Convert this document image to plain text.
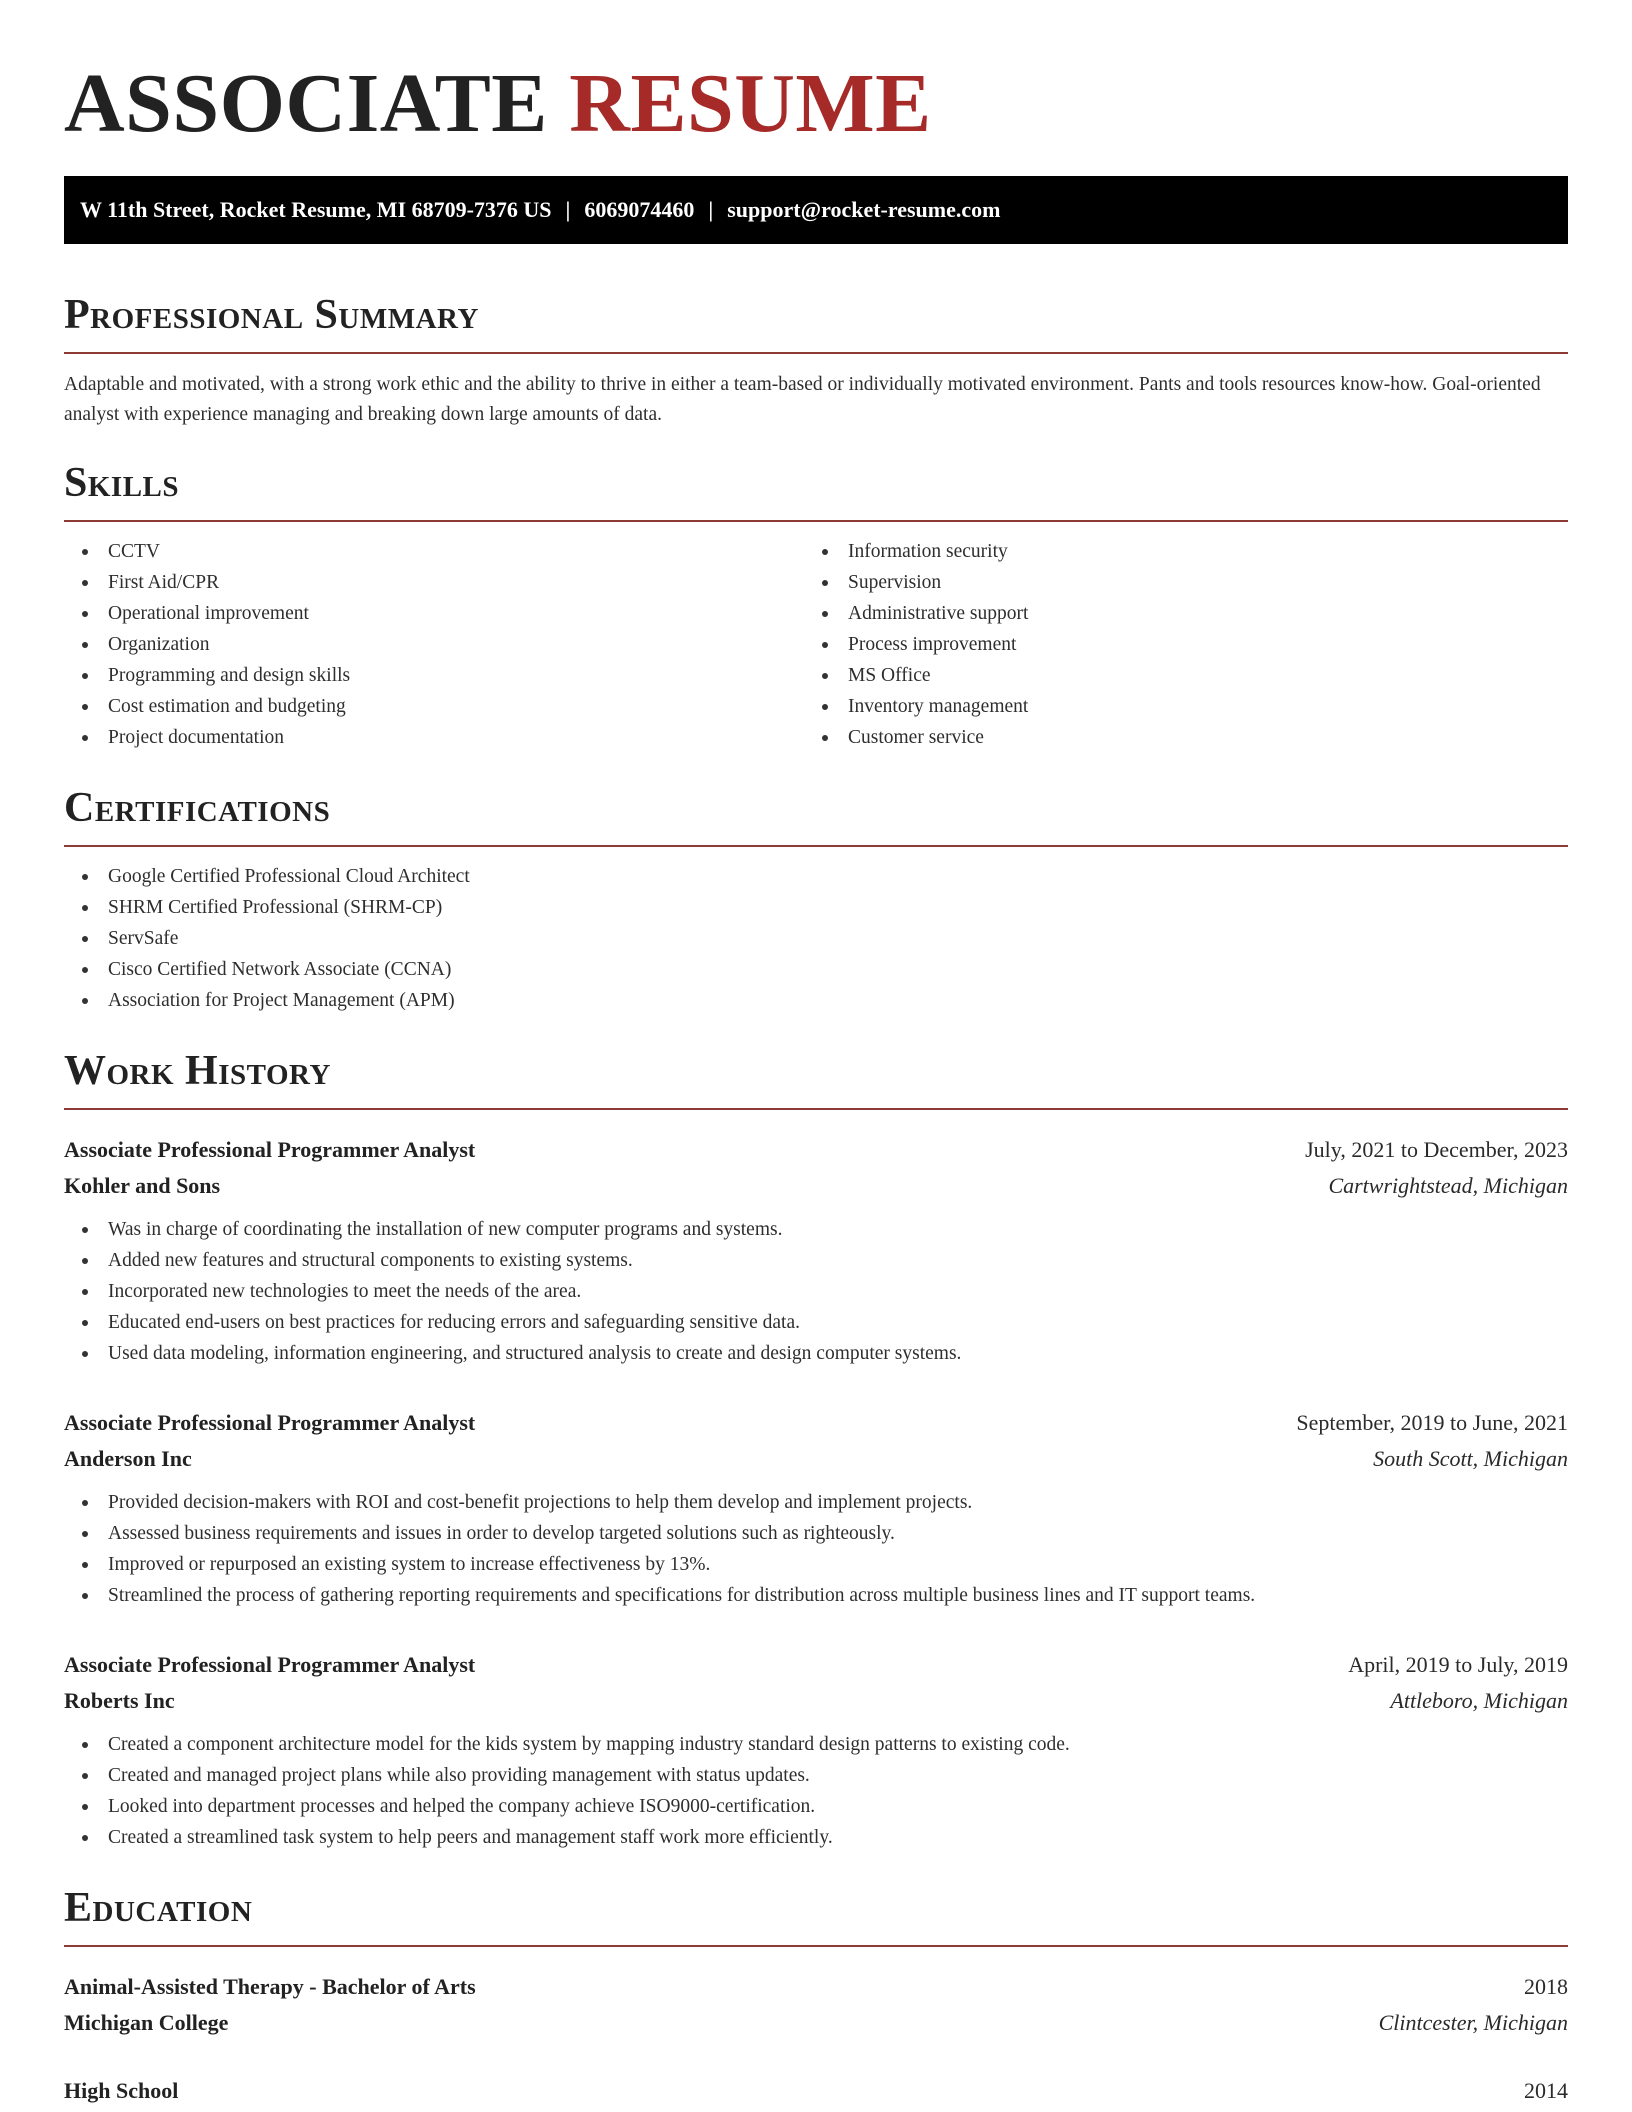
ASSOCIATE RESUME
W 11th Street, Rocket Resume, MI 68709-7376 US | 6069074460 | support@rocket-resume.com
Professional Summary

Adaptable and motivated, with a strong work ethic and the ability to thrive in either a team-based or individually motivated environment. Pants and tools resources know-how. Goal-oriented analyst with experience managing and breaking down large amounts of data.

Skills
CCTV
First Aid/CPR
Operational improvement
Organization
Programming and design skills
Cost estimation and budgeting
Project documentation
Information security
Supervision
Administrative support
Process improvement
MS Office
Inventory management
Customer service
Certifications
Google Certified Professional Cloud Architect
SHRM Certified Professional (SHRM-CP)
ServSafe
Cisco Certified Network Associate (CCNA)
Association for Project Management (APM)
Work History
Associate Professional Programmer Analyst	July, 2021 to December, 2023
Kohler and Sons	Cartwrightstead, Michigan
Was in charge of coordinating the installation of new computer programs and systems.
Added new features and structural components to existing systems.
Incorporated new technologies to meet the needs of the area.
Educated end-users on best practices for reducing errors and safeguarding sensitive data.
Used data modeling, information engineering, and structured analysis to create and design computer systems.
Associate Professional Programmer Analyst	September, 2019 to June, 2021
Anderson Inc	South Scott, Michigan
Provided decision-makers with ROI and cost-benefit projections to help them develop and implement projects.
Assessed business requirements and issues in order to develop targeted solutions such as righteously.
Improved or repurposed an existing system to increase effectiveness by 13%.
Streamlined the process of gathering reporting requirements and specifications for distribution across multiple business lines and IT support teams.
Associate Professional Programmer Analyst	April, 2019 to July, 2019
Roberts Inc	Attleboro, Michigan
Created a component architecture model for the kids system by mapping industry standard design patterns to existing code.
Created and managed project plans while also providing management with status updates.
Looked into department processes and helped the company achieve ISO9000-certification.
Created a streamlined task system to help peers and management staff work more efficiently.
Education
Animal-Assisted Therapy - Bachelor of Arts	2018
Michigan College	Clintcester, Michigan
High School	2014
